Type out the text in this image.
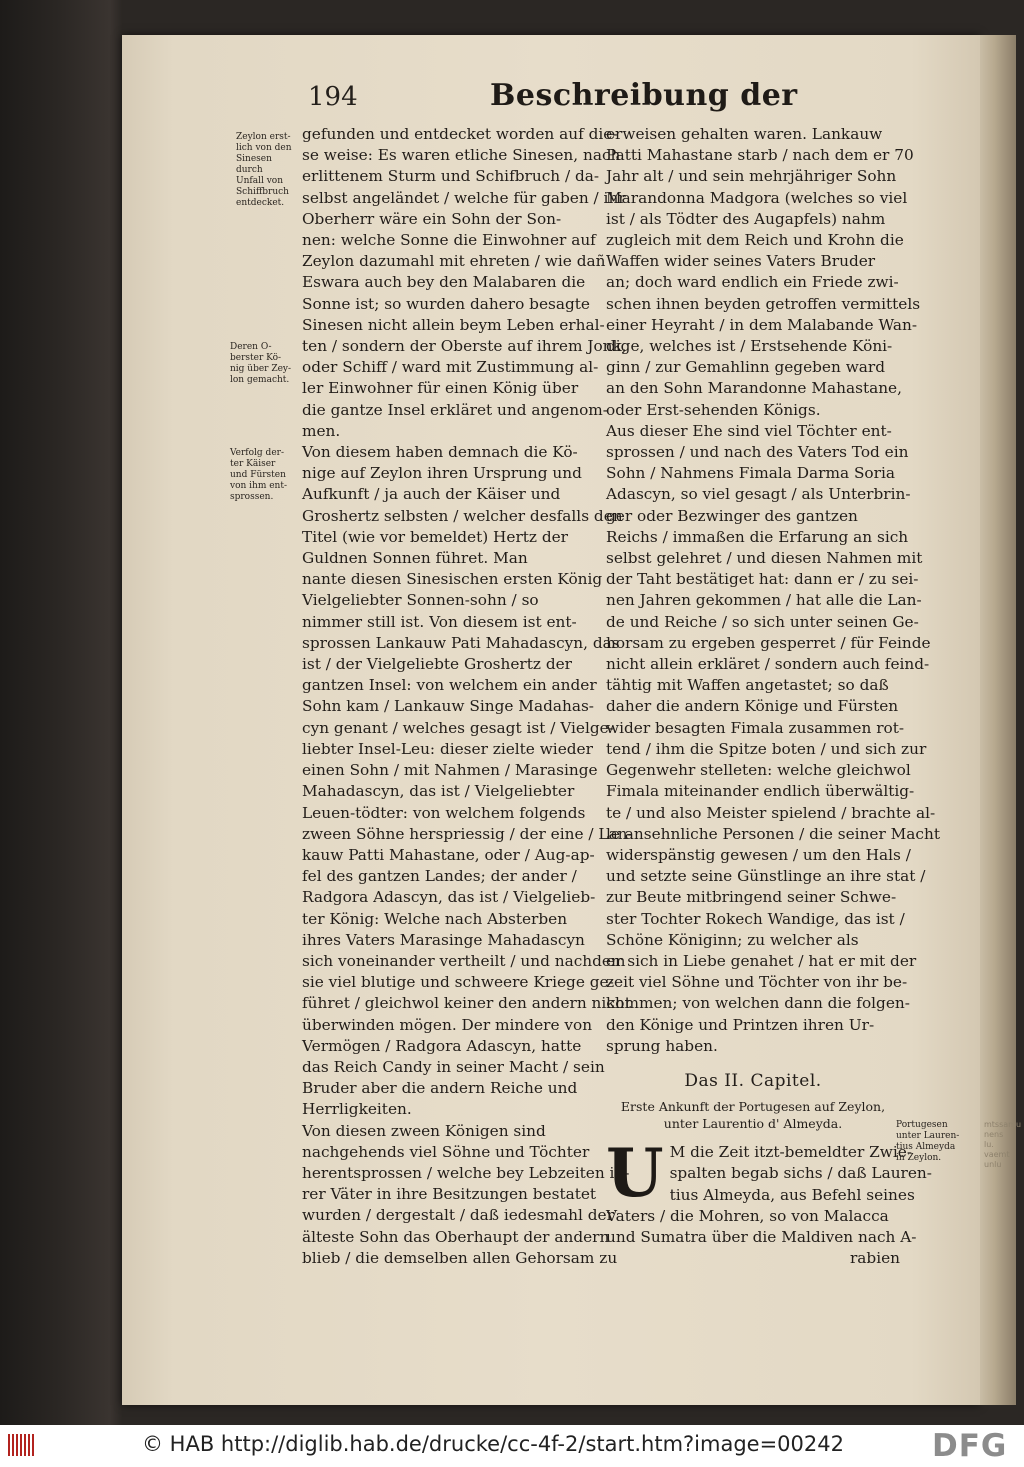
mtssamu
nens lu.
vaemt
unlu
194	Beschreibung der
Zeylon erst-
lich von den
Sinesen durch
Unfall von
Schiffbruch
entdecket.
Deren O-
berster Kö-
nig über Zey-
lon gemacht.
Verfolg der-
ter Käiser
und Fürsten
von ihm ent-
sprossen.
Portugesen
unter Lauren-
tius Almeyda
in Zeylon.
gefunden und entdecket worden auf die-
se weise: Es waren etliche Sinesen, nach
erlittenem Sturm und Schifbruch / da-
selbst angeländet / welche für gaben / ihr
Oberherr wäre ein Sohn der Son-
nen: welche Sonne die Einwohner auf
Zeylon dazumahl mit ehreten / wie dañ
Eswara auch bey den Malabaren die
Sonne ist; so wurden dahero besagte
Sinesen nicht allein beym Leben erhal-
ten / sondern der Oberste auf ihrem Jonk,
oder Schiff / ward mit Zustimmung al-
ler Einwohner für einen König über
die gantze Insel erkläret und angenom-
men.
Von diesem haben demnach die Kö-
nige auf Zeylon ihren Ursprung und
Aufkunft / ja auch der Käiser und
Groshertz selbsten / welcher desfalls den
Titel (wie vor bemeldet) Hertz der
Guldnen Sonnen führet. Man
nante diesen Sinesischen ersten König
Vielgeliebter Sonnen-sohn / so
nimmer still ist. Von diesem ist ent-
sprossen Lankauw Pati Mahadascyn, das
ist / der Vielgeliebte Groshertz der
gantzen Insel: von welchem ein ander
Sohn kam / Lankauw Singe Madahas-
cyn genant / welches gesagt ist / Vielge-
liebter Insel-Leu: dieser zielte wieder
einen Sohn / mit Nahmen / Marasinge
Mahadascyn, das ist / Vielgeliebter
Leuen-tödter: von welchem folgends
zween Söhne herspriessig / der eine / Lan-
kauw Patti Mahastane, oder / Aug-ap-
fel des gantzen Landes; der ander /
Radgora Adascyn, das ist / Vielgelieb-
ter König: Welche nach Absterben
ihres Vaters Marasinge Mahadascyn
sich voneinander vertheilt / und nachdem
sie viel blutige und schweere Kriege ge-
führet / gleichwol keiner den andern nicht
überwinden mögen. Der mindere von
Vermögen / Radgora Adascyn, hatte
das Reich Candy in seiner Macht / sein
Bruder aber die andern Reiche und
Herrligkeiten.
Von diesen zween Königen sind
nachgehends viel Söhne und Töchter
herentsprossen / welche bey Lebzeiten ih-
rer Väter in ihre Besitzungen bestatet
wurden / dergestalt / daß iedesmahl der
älteste Sohn das Oberhaupt der andern
blieb / die demselben allen Gehorsam zu
erweisen gehalten waren. Lankauw
Patti Mahastane starb / nach dem er 70
Jahr alt / und sein mehrjähriger Sohn
Marandonna Madgora (welches so viel
ist / als Tödter des Augapfels) nahm
zugleich mit dem Reich und Krohn die
Waffen wider seines Vaters Bruder
an; doch ward endlich ein Friede zwi-
schen ihnen beyden getroffen vermittels
einer Heyraht / in dem Malabande Wan-
dige, welches ist / Erstsehende Köni-
ginn / zur Gemahlinn gegeben ward
an den Sohn Marandonne Mahastane,
oder Erst-sehenden Königs.
Aus dieser Ehe sind viel Töchter ent-
sprossen / und nach des Vaters Tod ein
Sohn / Nahmens Fimala Darma Soria
Adascyn, so viel gesagt / als Unterbrin-
ger oder Bezwinger des gantzen
Reichs / immaßen die Erfarung an sich
selbst gelehret / und diesen Nahmen mit
der Taht bestätiget hat: dann er / zu sei-
nen Jahren gekommen / hat alle die Lan-
de und Reiche / so sich unter seinen Ge-
horsam zu ergeben gesperret / für Feinde
nicht allein erkläret / sondern auch feind-
tähtig mit Waffen angetastet; so daß
daher die andern Könige und Fürsten
wider besagten Fimala zusammen rot-
tend / ihm die Spitze boten / und sich zur
Gegenwehr stelleten: welche gleichwol
Fimala miteinander endlich überwältig-
te / und also Meister spielend / brachte al-
le ansehnliche Personen / die seiner Macht
widerspänstig gewesen / um den Hals /
und setzte seine Günstlinge an ihre stat /
zur Beute mitbringend seiner Schwe-
ster Tochter Rokech Wandige, das ist /
Schöne Königinn; zu welcher als
er sich in Liebe genahet / hat er mit der
zeit viel Söhne und Töchter von ihr be-
kommen; von welchen dann die folgen-
den Könige und Printzen ihren Ur-
sprung haben.
Das II. Capitel.
Erste Ankunft der Portugesen auf Zeylon,
unter Laurentio d' Almeyda.
U M die Zeit itzt-bemeldter Zwie-
spalten begab sichs / daß Lauren-
tius Almeyda, aus Befehl seines
Vaters / die Mohren, so von Malacca
und Sumatra über die Maldiven nach A-
rabien
© HAB http://diglib.hab.de/drucke/cc-4f-2/start.htm?image=00242	DFG
